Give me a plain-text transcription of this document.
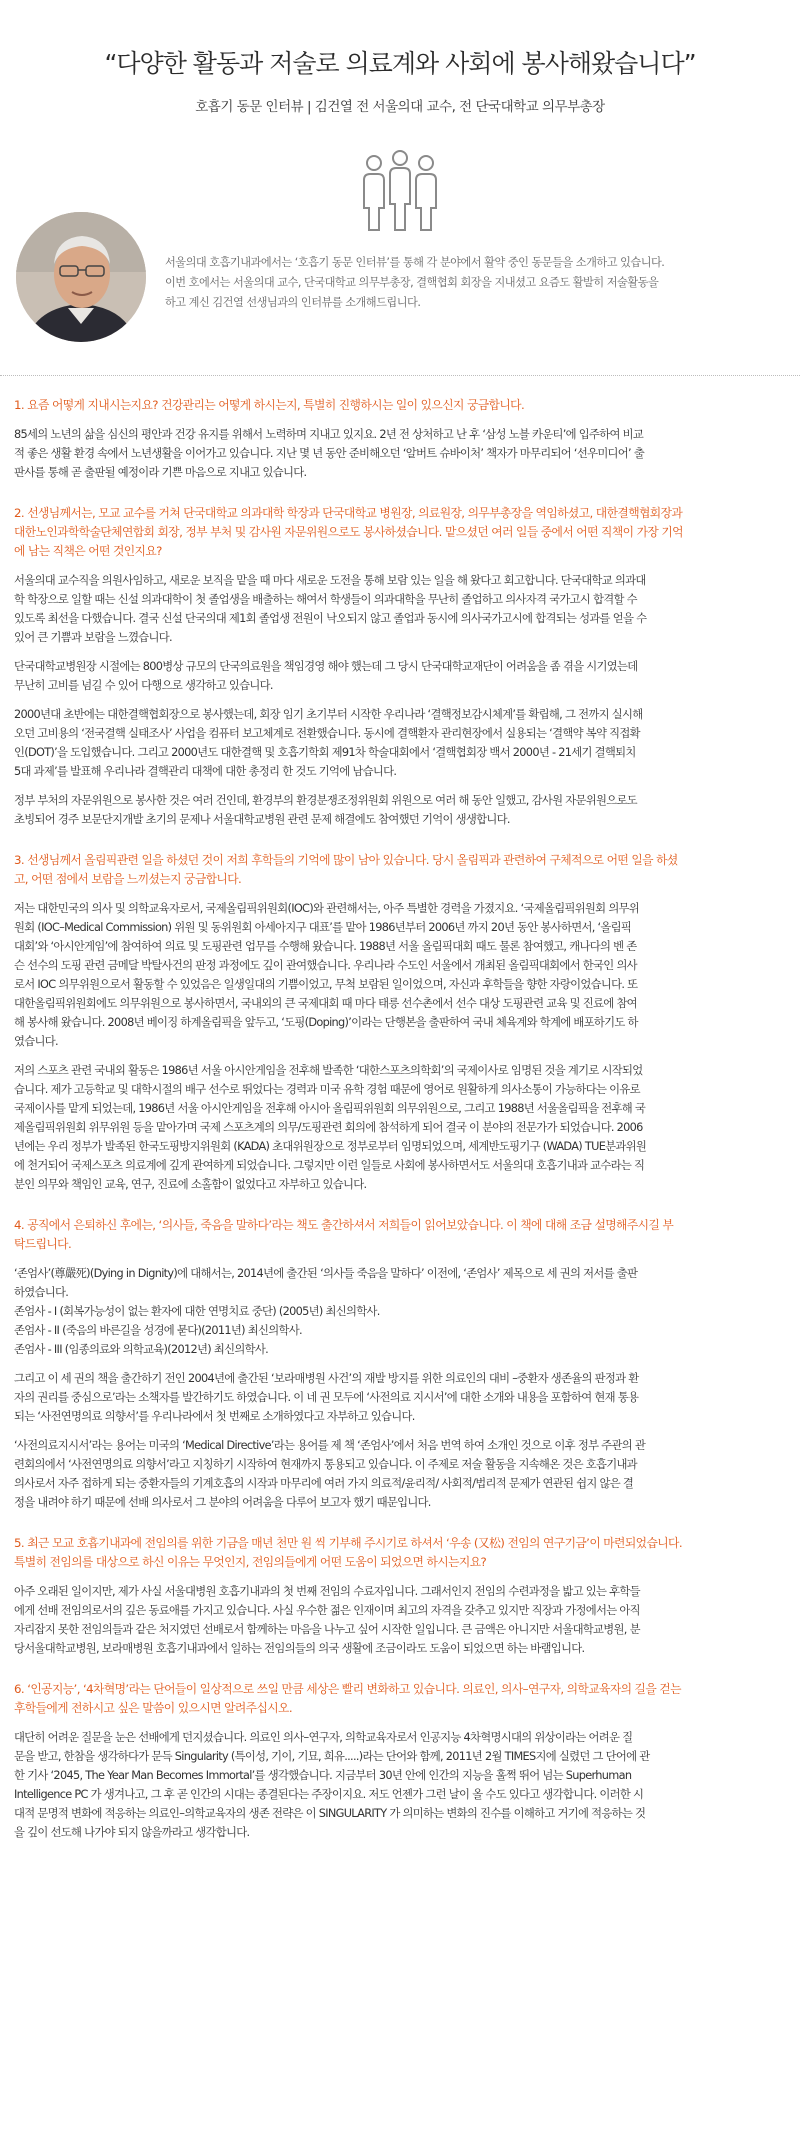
“다양한 활동과 저술로 의료계와 사회에 봉사해왔습니다”

호흡기 동문 인터뷰 | 김건열 전 서울의대 교수, 전 단국대학교 의무부총장

서울의대 호흡기내과에서는 ‘호흡기 동문 인터뷰’를 통해 각 분야에서 활약 중인 동문들을 소개하고 있습니다.
이번 호에서는 서울의대 교수, 단국대학교 의무부총장, 결핵협회 회장을 지내셨고 요즘도 활발히 저술활동을
하고 계신 김건열 선생님과의 인터뷰를 소개해드립니다.
1. 요즘 어떻게 지내시는지요? 건강관리는 어떻게 하시는지, 특별히 진행하시는 일이 있으신지 궁금합니다.
85세의 노년의 삶을 심신의 평안과 건강 유지를 위해서 노력하며 지내고 있지요. 2년 전 상처하고 난 후 ‘삼성 노블 카운티’에 입주하여 비교
적 좋은 생활 환경 속에서 노년생활을 이어가고 있습니다. 지난 몇 년 동안 준비해오던 ‘알버트 슈바이처’ 책자가 마무리되어 ‘선우미디어’ 출
판사를 통해 곧 출판될 예정이라 기쁜 마음으로 지내고 있습니다.
2. 선생님께서는, 모교 교수를 거쳐 단국대학교 의과대학 학장과 단국대학교 병원장, 의료원장, 의무부총장을 역임하셨고, 대한결핵협회장과
대한노인과학학술단체연합회 회장, 정부 부처 및 감사원 자문위원으로도 봉사하셨습니다. 맡으셨던 여러 일들 중에서 어떤 직책이 가장 기억
에 남는 직책은 어떤 것인지요?
서울의대 교수직을 의원사임하고, 새로운 보직을 맡을 때 마다 새로운 도전을 통해 보람 있는 일을 해 왔다고 회고합니다. 단국대학교 의과대
학 학장으로 일할 때는 신설 의과대학이 첫 졸업생을 배출하는 해여서 학생들이 의과대학을 무난히 졸업하고 의사자격 국가고시 합격할 수
있도록 최선을 다했습니다. 결국 신설 단국의대 제1회 졸업생 전원이 낙오되지 않고 졸업과 동시에 의사국가고시에 합격되는 성과를 얻을 수
있어 큰 기쁨과 보람을 느꼈습니다.
단국대학교병원장 시절에는 800병상 규모의 단국의료원을 책임경영 해야 했는데 그 당시 단국대학교재단이 어려움을 좀 겪을 시기였는데
무난히 고비를 넘길 수 있어 다행으로 생각하고 있습니다.
2000년대 초반에는 대한결핵협회장으로 봉사했는데, 회장 임기 초기부터 시작한 우리나라 ‘결핵정보감시체계’를 확립해, 그 전까지 실시해
오던 고비용의 ‘전국결핵 실태조사’ 사업을 컴퓨터 보고체계로 전환했습니다. 동시에 결핵환자 관리현장에서 실용되는 ‘결핵약 복약 직접확
인(DOT)’을 도입했습니다. 그리고 2000년도 대한결핵 및 호흡기학회 제91차 학술대회에서 ‘결핵협회장 백서 2000년 - 21세기 결핵퇴치
5대 과제’를 발표해 우리나라 결핵관리 대책에 대한 총정리 한 것도 기억에 남습니다.
정부 부처의 자문위원으로 봉사한 것은 여러 건인데, 환경부의 환경분쟁조정위원회 위원으로 여러 해 동안 일했고, 감사원 자문위원으로도
초빙되어 경주 보문단지개발 초기의 문제나 서울대학교병원 관련 문제 해결에도 참여했던 기억이 생생합니다.
3. 선생님께서 올림픽관련 일을 하셨던 것이 저희 후학들의 기억에 많이 남아 있습니다. 당시 올림픽과 관련하여 구체적으로 어떤 일을 하셨
고, 어떤 점에서 보람을 느끼셨는지 궁금합니다.
저는 대한민국의 의사 및 의학교육자로서, 국제올림픽위원회(IOC)와 관련해서는, 아주 특별한 경력을 가졌지요. ‘국제올림픽위원회 의무위
원회 (IOC–Medical Commission) 위원 및 동위원회 아세아지구 대표’를 맡아 1986년부터 2006년 까지 20년 동안 봉사하면서, ‘올림픽
대회’와 ‘아시안게임’에 참여하여 의료 및 도핑관련 업무를 수행해 왔습니다. 1988년 서울 올림픽대회 때도 물론 참여했고, 캐나다의 벤 존
슨 선수의 도핑 관련 금메달 박탈사건의 판정 과정에도 깊이 관여했습니다. 우리나라 수도인 서울에서 개최된 올림픽대회에서 한국인 의사
로서 IOC 의무위원으로서 활동할 수 있었음은 일생일대의 기쁨이었고, 무척 보람된 일이었으며, 자신과 후학들을 향한 자랑이었습니다. 또
대한올림픽위원회에도 의무위원으로 봉사하면서, 국내외의 큰 국제대회 때 마다 태릉 선수촌에서 선수 대상 도핑관련 교육 및 진료에 참여
해 봉사해 왔습니다. 2008년 베이징 하계올림픽을 앞두고, ‘도핑(Doping)’이라는 단행본을 출판하여 국내 체육계와 학계에 배포하기도 하
였습니다.
저의 스포츠 관련 국내외 활동은 1986년 서울 아시안게임을 전후해 발족한 ‘대한스포츠의학회’의 국제이사로 임명된 것을 계기로 시작되었
습니다. 제가 고등학교 및 대학시절의 배구 선수로 뛰었다는 경력과 미국 유학 경험 때문에 영어로 원활하게 의사소통이 가능하다는 이유로
국제이사를 맡게 되었는데, 1986년 서울 아시안게임을 전후해 아시아 올림픽위원회 의무위원으로, 그리고 1988년 서울올림픽을 전후해 국
제올림픽위원회 위무위원 등을 맡아가며 국제 스포츠계의 의무/도핑관련 회의에 참석하게 되어 결국 이 분야의 전문가가 되었습니다. 2006
년에는 우리 정부가 발족된 한국도핑방지위원회 (KADA) 초대위원장으로 정부로부터 임명되었으며, 세계반도핑기구 (WADA) TUE분과위원
에 천거되어 국제스포츠 의료계에 깊게 관여하게 되었습니다. 그렇지만 이런 일들로 사회에 봉사하면서도 서울의대 호흡기내과 교수라는 직
분인 의무와 책임인 교육, 연구, 진료에 소홀함이 없었다고 자부하고 있습니다.
4. 공직에서 은퇴하신 후에는, ‘의사들, 죽음을 말하다’라는 책도 출간하셔서 저희들이 읽어보았습니다. 이 책에 대해 조금 설명해주시길 부
탁드립니다.
‘존엄사’(尊嚴死)(Dying in Dignity)에 대해서는, 2014년에 출간된 ‘의사들 죽음을 말하다’ 이전에, ‘존엄사’ 제목으로 세 권의 저서를 출판
하였습니다.
존엄사 - I (회복가능성이 없는 환자에 대한 연명치료 중단) (2005년) 최신의학사.
존엄사 - II (죽음의 바른길을 성경에 묻다)(2011년) 최신의학사.
존엄사 - III (임종의료와 의학교육)(2012년) 최신의학사.
그리고 이 세 권의 책을 출간하기 전인 2004년에 출간된 ‘보라매병원 사건’의 재발 방지를 위한 의료인의 대비 –중환자 생존율의 판정과 환
자의 권리를 중심으로’라는 소책자를 발간하기도 하였습니다. 이 네 권 모두에 ‘사전의료 지시서’에 대한 소개와 내용을 포함하여 현재 통용
되는 ‘사전연명의료 의향서’를 우리나라에서 첫 번째로 소개하였다고 자부하고 있습니다.
‘사전의료지시서’라는 용어는 미국의 ‘Medical Directive’라는 용어를 제 책 ‘존엄사’에서 처음 번역 하여 소개인 것으로 이후 정부 주관의 관
련회의에서 ‘사전연명의료 의향서’라고 지칭하기 시작하여 현재까지 통용되고 있습니다. 이 주제로 저술 활동을 지속해온 것은 호흡기내과
의사로서 자주 접하게 되는 중환자들의 기계호흡의 시작과 마무리에 여러 가지 의료적/윤리적/ 사회적/법리적 문제가 연관된 쉽지 않은 결
정을 내려야 하기 때문에 선배 의사로서 그 분야의 어려움을 다루어 보고자 했기 때문입니다.
5. 최근 모교 호흡기내과에 전임의를 위한 기금을 매년 천만 원 씩 기부해 주시기로 하셔서 ‘우송 (又松) 전임의 연구기금’이 마련되었습니다.
특별히 전임의를 대상으로 하신 이유는 무엇인지, 전임의들에게 어떤 도움이 되었으면 하시는지요?
아주 오래된 일이지만, 제가 사실 서울대병원 호흡기내과의 첫 번째 전임의 수료자입니다. 그래서인지 전임의 수련과정을 밟고 있는 후학들
에게 선배 전임의로서의 깊은 동료애를 가지고 있습니다. 사실 우수한 젊은 인재이며 최고의 자격을 갖추고 있지만 직장과 가정에서는 아직
자리잡지 못한 전임의들과 같은 처지였던 선배로서 함께하는 마음을 나누고 싶어 시작한 일입니다. 큰 금액은 아니지만 서울대학교병원, 분
당서울대학교병원, 보라매병원 호흡기내과에서 일하는 전임의들의 의국 생활에 조금이라도 도움이 되었으면 하는 바램입니다.
6. ‘인공지능’, ‘4차혁명’라는 단어들이 일상적으로 쓰일 만큼 세상은 빨리 변화하고 있습니다. 의료인, 의사–연구자, 의학교육자의 길을 걷는
후학들에게 전하시고 싶은 말씀이 있으시면 알려주십시오.
대단히 어려운 질문을 눈은 선배에게 던지셨습니다. 의료인 의사–연구자, 의학교육자로서 인공지능 4차혁명시대의 위상이라는 어려운 질
문을 받고, 한참을 생각하다가 문득 Singularity (특이성, 기이, 기묘, 희유.....)라는 단어와 함께, 2011년 2월 TIMES지에 실렸던 그 단어에 관
한 기사 ‘2045, The Year Man Becomes Immortal’를 생각했습니다. 지금부터 30년 안에 인간의 지능을 훌쩍 뛰어 넘는 Superhuman
Intelligence PC 가 생겨나고, 그 후 곧 인간의 시대는 종결된다는 주장이지요. 저도 언젠가 그런 날이 올 수도 있다고 생각합니다. 이러한 시
대적 문명적 변화에 적응하는 의료인–의학교육자의 생존 전략은 이 SINGULARITY 가 의미하는 변화의 진수를 이해하고 거기에 적응하는 것
을 깊이 선도해 나가야 되지 않을까라고 생각합니다.
